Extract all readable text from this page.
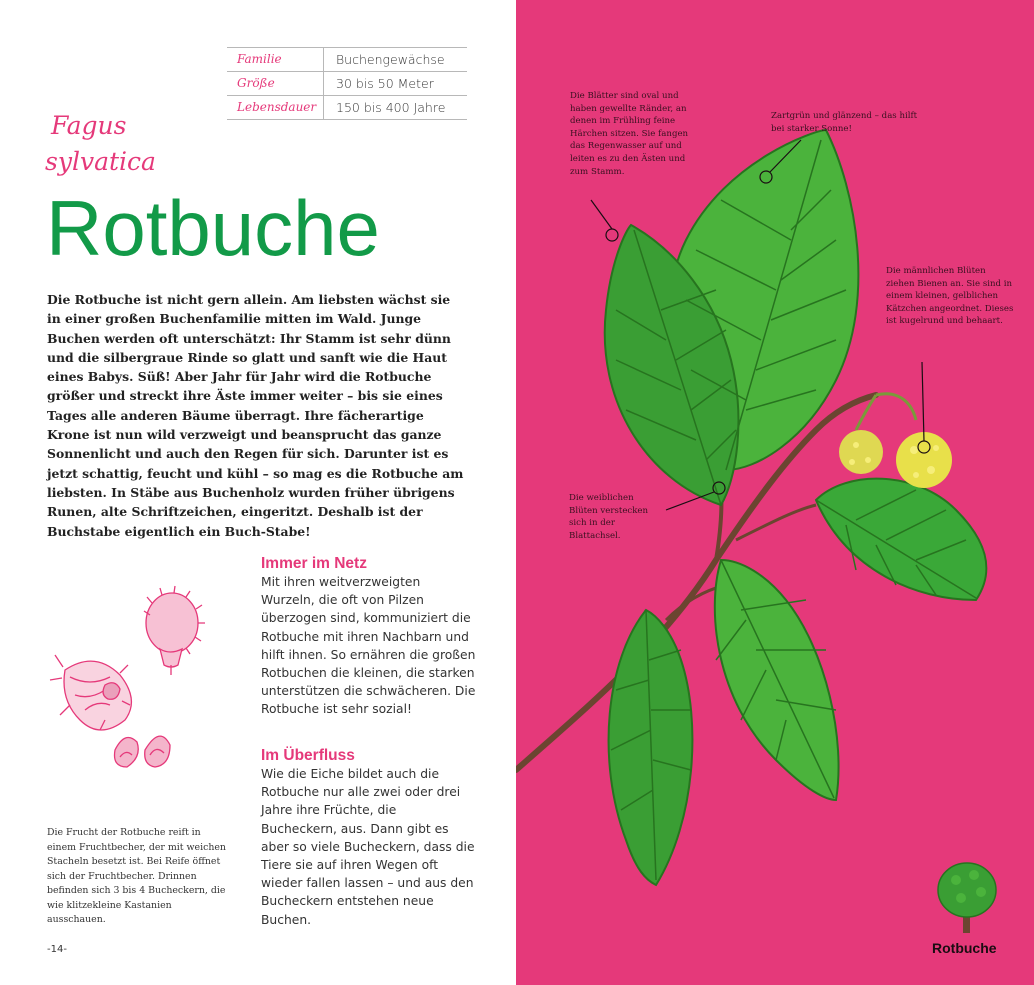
Familie	Buchengewächse
Größe	30 bis 50 Meter
Lebensdauer	150 bis 400 Jahre
Fagus
sylvatica
Rotbuche
Die Rotbuche ist nicht gern allein. Am liebsten wächst sie in einer großen Buchenfamilie mitten im Wald. Junge Buchen werden oft unterschätzt: Ihr Stamm ist sehr dünn und die silbergraue Rinde so glatt und sanft wie die Haut eines Babys. Süß! Aber Jahr für Jahr wird die Rotbuche größer und streckt ihre Äste immer weiter – bis sie eines Tages alle anderen Bäume überragt. Ihre fächerartige Krone ist nun wild verzweigt und beansprucht das ganze Sonnenlicht und auch den Regen für sich. Darunter ist es jetzt schattig, feucht und kühl – so mag es die Rotbuche am liebsten. In Stäbe aus Buchenholz wurden früher übrigens Runen, alte Schriftzeichen, eingeritzt. Deshalb ist der Buchstabe eigentlich ein Buch-Stabe!
Immer im Netz

Mit ihren weitverzweigten Wurzeln, die oft von Pilzen überzogen sind, kommuniziert die Rotbuche mit ihren Nachbarn und hilft ihnen. So ernähren die großen Rotbuchen die kleinen, die starken unterstützen die schwächeren. Die Rotbuche ist sehr sozial!

Im Überfluss

Wie die Eiche bildet auch die Rotbuche nur alle zwei oder drei Jahre ihre Früchte, die Bucheckern, aus. Dann gibt es aber so viele Bucheckern, dass die Tiere sie auf ihren Wegen oft wieder fallen lassen – und aus den Bucheckern entstehen neue Buchen.

Die Frucht der Rotbuche reift in einem Fruchtbecher, der mit weichen Stacheln besetzt ist. Bei Reife öffnet sich der Fruchtbecher. Drinnen befinden sich 3 bis 4 Bucheckern, die wie klitzekleine Kastanien ausschauen.
-14-
Die Blätter sind oval und haben gewellte Ränder, an denen im Frühling feine Härchen sitzen. Sie fangen das Regenwasser auf und leiten es zu den Ästen und zum Stamm.
Zartgrün und glänzend – das hilft bei starker Sonne!
Die männlichen Blüten ziehen Bienen an. Sie sind in einem kleinen, gelblichen Kätzchen angeordnet. Dieses ist kugelrund und behaart.
Die weiblichen Blüten verstecken sich in der Blattachsel.
Rotbuche
